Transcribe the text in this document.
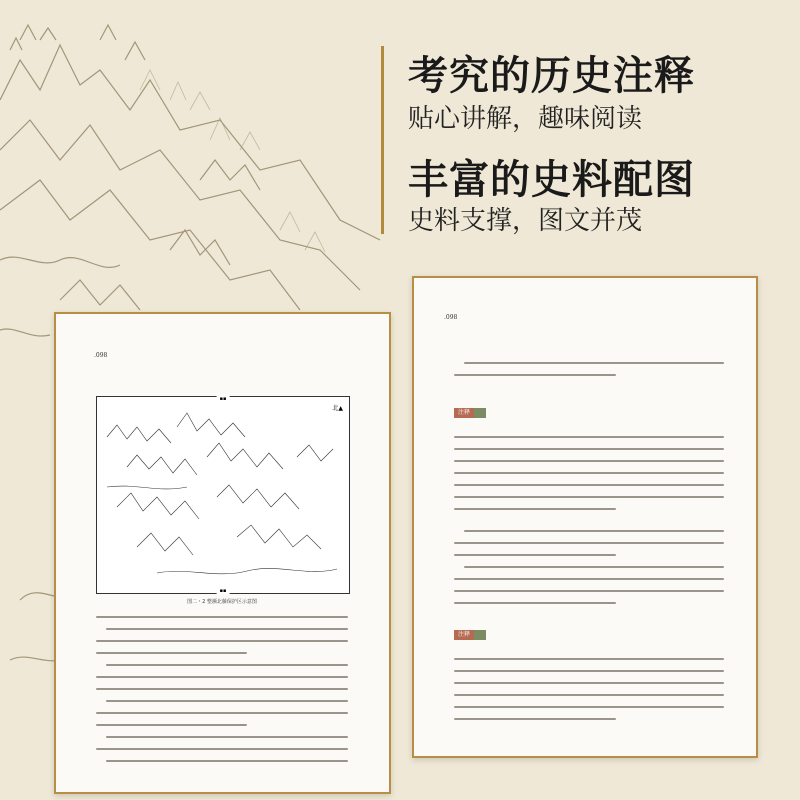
考究的历史注释
贴心讲解，趣味阅读
丰富的史料配图
史料支撑，图文并茂
.098
▪▪
北▲
▪▪
图二・2 整濒北藤保护区示意图
.098
注释
注释
